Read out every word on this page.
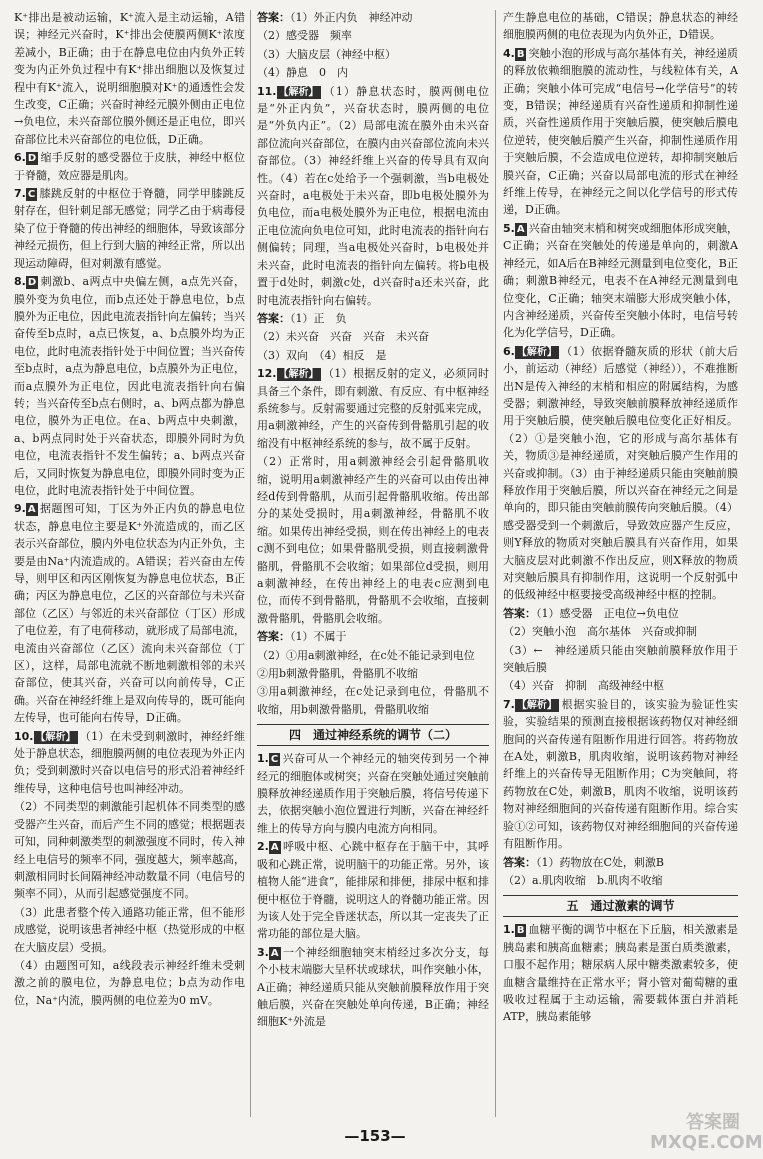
K⁺排出是被动运输，K⁺流入是主动运输，A错误；神经元兴奋时，K⁺排出会使膜两侧K⁺浓度差减小，B正确；由于在静息电位由内负外正转变为内正外负过程中有K⁺排出细胞以及恢复过程中有K⁺流入，说明细胞膜对K⁺的通透性会发生改变，C正确；兴奋时神经元膜外侧由正电位→负电位，未兴奋部位膜外侧还是正电位，即兴奋部位比未兴奋部位的电位低，D正确。

6. D 缩手反射的感受器位于皮肤，神经中枢位于脊髓，效应器是肌肉。

7. C 膝跳反射的中枢位于脊髓，同学甲膝跳反射存在，但针刺足部无感觉；同学乙由于病毒侵染了位于脊髓的传出神经的细胞体，导致该部分神经元损伤，但上行到大脑的神经正常，所以出现运动障碍，但对刺激有感觉。

8. D 刺激b、a两点中央偏左侧，a点先兴奋，膜外变为负电位，而b点还处于静息电位，b点膜外为正电位，因此电流表指针向左偏转；当兴奋传至b点时，a点已恢复，a、b点膜外均为正电位，此时电流表指针处于中间位置；当兴奋传至b点时，a点为静息电位，b点膜外为正电位，而a点膜外为正电位，因此电流表指针向右偏转；当兴奋传至b点右侧时，a、b两点都为静息电位，膜外为正电位。在a、b两点中央刺激，a、b两点同时处于兴奋状态，即膜外同时为负电位，电流表指针不发生偏转；a、b两点兴奋后，又同时恢复为静息电位，即膜外同时变为正电位，此时电流表指针处于中间位置。

9. A 据题图可知，丁区为外正内负的静息电位状态，静息电位主要是K⁺外流造成的，而乙区表示兴奋部位，膜内外电位状态为内正外负，主要是由Na⁺内流造成的。A错误；若兴奋由左传导，则甲区和丙区刚恢复为静息电位状态，B正确；丙区为静息电位，乙区的兴奋部位与未兴奋部位（乙区）与邻近的未兴奋部位（丁区）形成了电位差，有了电荷移动，就形成了局部电流，电流由兴奋部位（乙区）流向未兴奋部位（丁区），这样，局部电流就不断地刺激相邻的未兴奋部位，使其兴奋，兴奋可以向前传导，C正确。兴奋在神经纤维上是双向传导的，既可能向左传导，也可能向右传导，D正确。

10. 【解析】 （1）在未受到刺激时，神经纤维处于静息状态，细胞膜两侧的电位表现为外正内负；受到刺激时兴奋以电信号的形式沿着神经纤维传导，这种电信号也叫神经冲动。

（2）不同类型的刺激能引起机体不同类型的感受器产生兴奋，而后产生不同的感觉；根据题表可知，同种刺激类型的刺激强度不同时，传入神经上电信号的频率不同，强度越大，频率越高，刺激相同时长间隔神经冲动数量不同（电信号的频率不同），从而引起感觉强度不同。

（3）此患者整个传入通路功能正常，但不能形成感觉，说明该患者神经中枢（热觉形成的中枢在大脑皮层）受损。

（4）由题图可知，a线段表示神经纤维未受刺激之前的膜电位，为静息电位；b点为动作电位，Na⁺内流，膜两侧的电位差为0 mV。

答案：（1）外正内负　神经冲动

（2）感受器　频率

（3）大脑皮层（神经中枢）

（4）静息　0　内

11. 【解析】 （1）静息状态时，膜两侧电位是“外正内负”，兴奋状态时，膜两侧的电位是“外负内正”。（2）局部电流在膜外由未兴奋部位流向兴奋部位，在膜内由兴奋部位流向未兴奋部位。（3）神经纤维上兴奋的传导具有双向性。（4）若在c处给予一个强刺激，当b电极处兴奋时，a电极处于未兴奋，即b电极处膜外为负电位，而a电极处膜外为正电位，根据电流由正电位流向负电位可知，此时电流表的指针向右侧偏转；同理，当a电极处兴奋时，b电极处并未兴奋，此时电流表的指针向左偏转。将b电极置于d处时，刺激c处，d兴奋时a还未兴奋，此时电流表指针向右偏转。

答案：（1）正　负

（2）未兴奋　兴奋　兴奋　未兴奋

（3）双向　（4）相反　是

12. 【解析】 （1）根据反射的定义，必须同时具备三个条件，即有刺激、有反应、有中枢神经系统参与。反射需要通过完整的反射弧来完成，用a刺激神经，产生的兴奋传到骨骼肌引起的收缩没有中枢神经系统的参与，故不属于反射。

（2）正常时，用a刺激神经会引起骨骼肌收缩，说明用a刺激神经产生的兴奋可以由传出神经d传到骨骼肌，从而引起骨骼肌收缩。传出部分的某处受损时，用a刺激神经，骨骼肌不收缩。如果传出神经受损，则在传出神经上的电表c测不到电位；如果骨骼肌受损，则直接刺激骨骼肌，骨骼肌不会收缩；如果部位d受损，则用a刺激神经，在传出神经上的电表c应测到电位，而传不到骨骼肌，骨骼肌不会收缩，直接刺激骨骼肌，骨骼肌会收缩。

答案：（1）不属于

（2）①用a刺激神经，在c处不能记录到电位

②用b刺激骨骼肌，骨骼肌不收缩

③用a刺激神经，在c处记录到电位，骨骼肌不收缩，用b刺激骨骼肌，骨骼肌收缩

四　通过神经系统的调节（二）

1. C 兴奋可从一个神经元的轴突传到另一个神经元的细胞体或树突；兴奋在突触处通过突触前膜释放神经递质作用于突触后膜，将信号传递下去，依据突触小泡位置进行判断，兴奋在神经纤维上的传导方向与膜内电流方向相同。

2. A 呼吸中枢、心跳中枢存在于脑干中，其呼吸和心跳正常，说明脑干的功能正常。另外，该植物人能“进食”，能排尿和排便，排尿中枢和排便中枢位于脊髓，说明这人的脊髓功能正常。因为该人处于完全昏迷状态，所以其一定丧失了正常功能的部位是大脑。

3. A 一个神经细胞轴突末梢经过多次分支，每个小枝末端膨大呈杯状或球状，叫作突触小体，A正确；神经递质只能从突触前膜释放作用于突触后膜，兴奋在突触处单向传递，B正确；神经细胞K⁺外流是

产生静息电位的基础，C错误；静息状态的神经细胞膜两侧的电位表现为内负外正，D错误。

4. B 突触小泡的形成与高尔基体有关，神经递质的释放依赖细胞膜的流动性，与线粒体有关，A正确；突触小体可完成“电信号→化学信号”的转变，B错误；神经递质有兴奋性递质和抑制性递质，兴奋性递质作用于突触后膜，使突触后膜电位逆转，使突触后膜产生兴奋，抑制性递质作用于突触后膜，不会造成电位逆转，却抑制突触后膜兴奋，C正确；兴奋以局部电流的形式在神经纤维上传导，在神经元之间以化学信号的形式传递，D正确。

5. A 兴奋由轴突末梢和树突或细胞体形成突触，C正确；兴奋在突触处的传递是单向的，刺激A神经元，如A后在B神经元测量到电位变化，B正确；刺激B神经元，电表不在A神经元测量到电位变化，C正确；轴突末端膨大形成突触小体，内含神经递质，兴奋传至突触小体时，电信号转化为化学信号，D正确。

6. 【解析】 （1）依据脊髓灰质的形状（前大后小，前运动（神经）后感觉（神经）），不难推断出N是传入神经的末梢和相应的附属结构，为感受器；刺激神经，导致突触前膜释放神经递质作用于突触后膜，使突触后膜电位变化正好相反。（2）①是突触小泡，它的形成与高尔基体有关，物质③是神经递质，对突触后膜产生作用的兴奋或抑制。（3）由于神经递质只能由突触前膜释放作用于突触后膜，所以兴奋在神经元之间是单向的，即只能由突触前膜传向突触后膜。（4）感受器受到一个刺激后，导致效应器产生反应，则Y释放的物质对突触后膜具有兴奋作用，如果大脑皮层对此刺激不作出反应，则X释放的物质对突触后膜具有抑制作用，这说明一个反射弧中的低级神经中枢要接受高级神经中枢的控制。

答案：（1）感受器　正电位→负电位

（2）突触小泡　高尔基体　兴奋或抑制

（3）←　神经递质只能由突触前膜释放作用于突触后膜

（4）兴奋　抑制　高级神经中枢

7. 【解析】 根据实验目的，该实验为验证性实验，实验结果的预测直接根据该药物仅对神经细胞间的兴奋传递有阻断作用进行回答。将药物放在A处，刺激B，肌肉收缩，说明该药物对神经纤维上的兴奋传导无阻断作用；C为突触间，将药物放在C处，刺激B，肌肉不收缩，说明该药物对神经细胞间的兴奋传递有阻断作用。综合实验①②可知，该药物仅对神经细胞间的兴奋传递有阻断作用。

答案：（1）药物放在C处，刺激B

（2）a.肌肉收缩　b.肌肉不收缩

五　通过激素的调节

1. B 血糖平衡的调节中枢在下丘脑，相关激素是胰岛素和胰高血糖素；胰岛素是蛋白质类激素，口服不起作用；糖尿病人尿中糖类激素较多，使血糖含量维持在正常水平；肾小管对葡萄糖的重吸收过程属于主动运输，需要载体蛋白并消耗ATP，胰岛素能够

—153—
答案圈 MXQE.COM
